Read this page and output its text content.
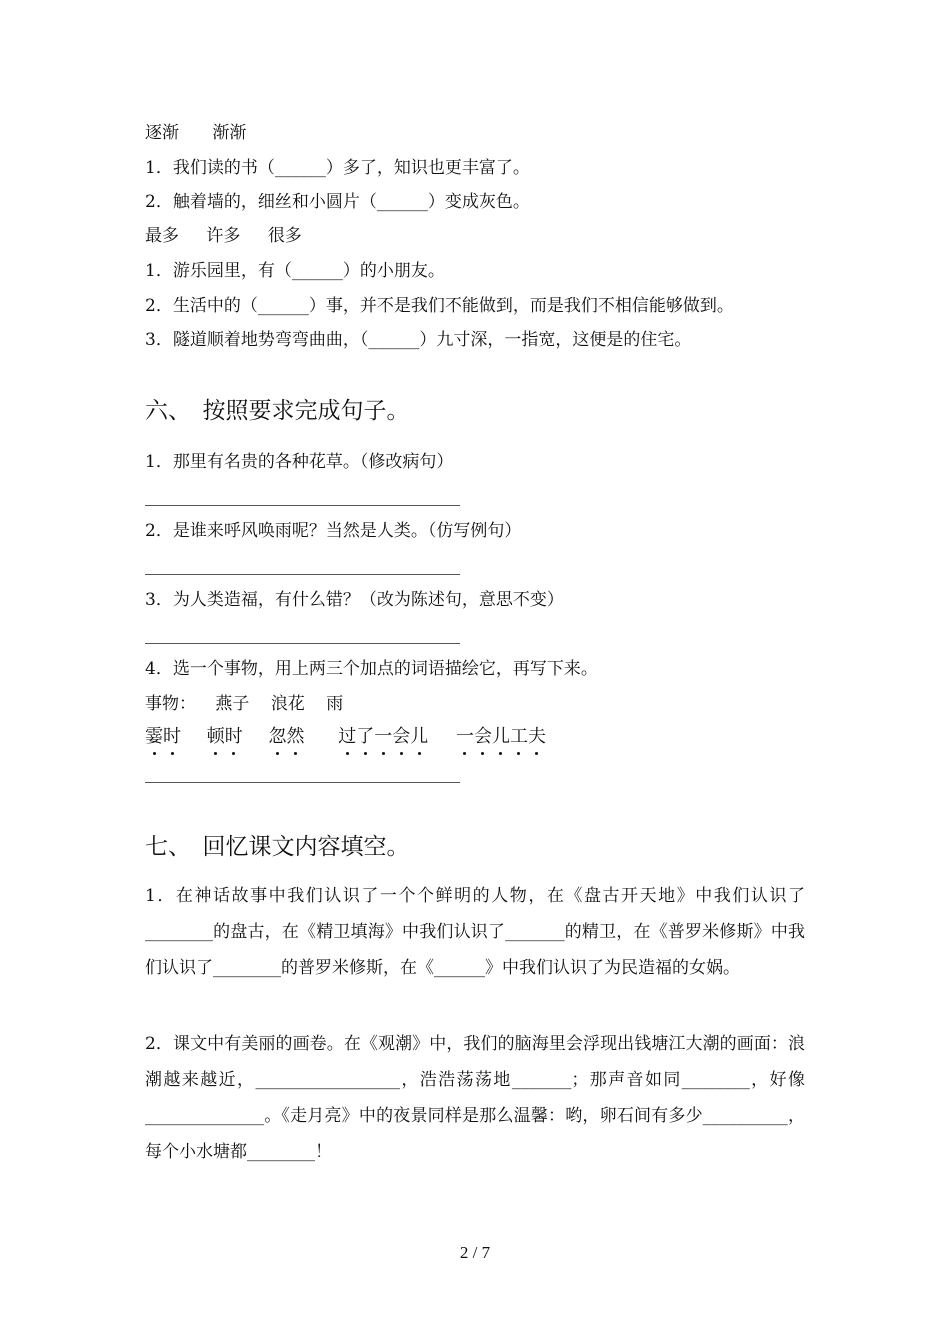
逐渐 渐渐
1．我们读的书（______）多了，知识也更丰富了。
2．触着墙的，细丝和小圆片（______）变成灰色。
最多 许多 很多
1．游乐园里，有（______）的小朋友。
2．生活中的（______）事，并不是我们不能做到，而是我们不相信能够做到。
3．隧道顺着地势弯弯曲曲，（______）九寸深，一指宽，这便是的住宅。
六、　按照要求完成句子。
1．那里有名贵的各种花草。（修改病句）
2．是谁来呼风唤雨呢？当然是人类。（仿写例句）
3．为人类造福，有什么错？（改为陈述句，意思不变）
4．选一个事物，用上两三个加点的词语描绘它，再写下来。
事物： 燕子 浪花 雨
霎时 顿时 忽然 过了一会儿 一会儿工夫
七、　回忆课文内容填空。
1．在神话故事中我们认识了一个个鲜明的人物，在《盘古开天地》中我们认识了________的盘古，在《精卫填海》中我们认识了_______的精卫，在《普罗米修斯》中我们认识了________的普罗米修斯，在《______》中我们认识了为民造福的女娲。
2．课文中有美丽的画卷。在《观潮》中，我们的脑海里会浮现出钱塘江大潮的画面：浪潮越来越近，_________________，浩浩荡荡地_______；那声音如同________，好像______________。《走月亮》中的夜景同样是那么温馨：哟，卵石间有多少__________，每个小水塘都________！
2 / 7
